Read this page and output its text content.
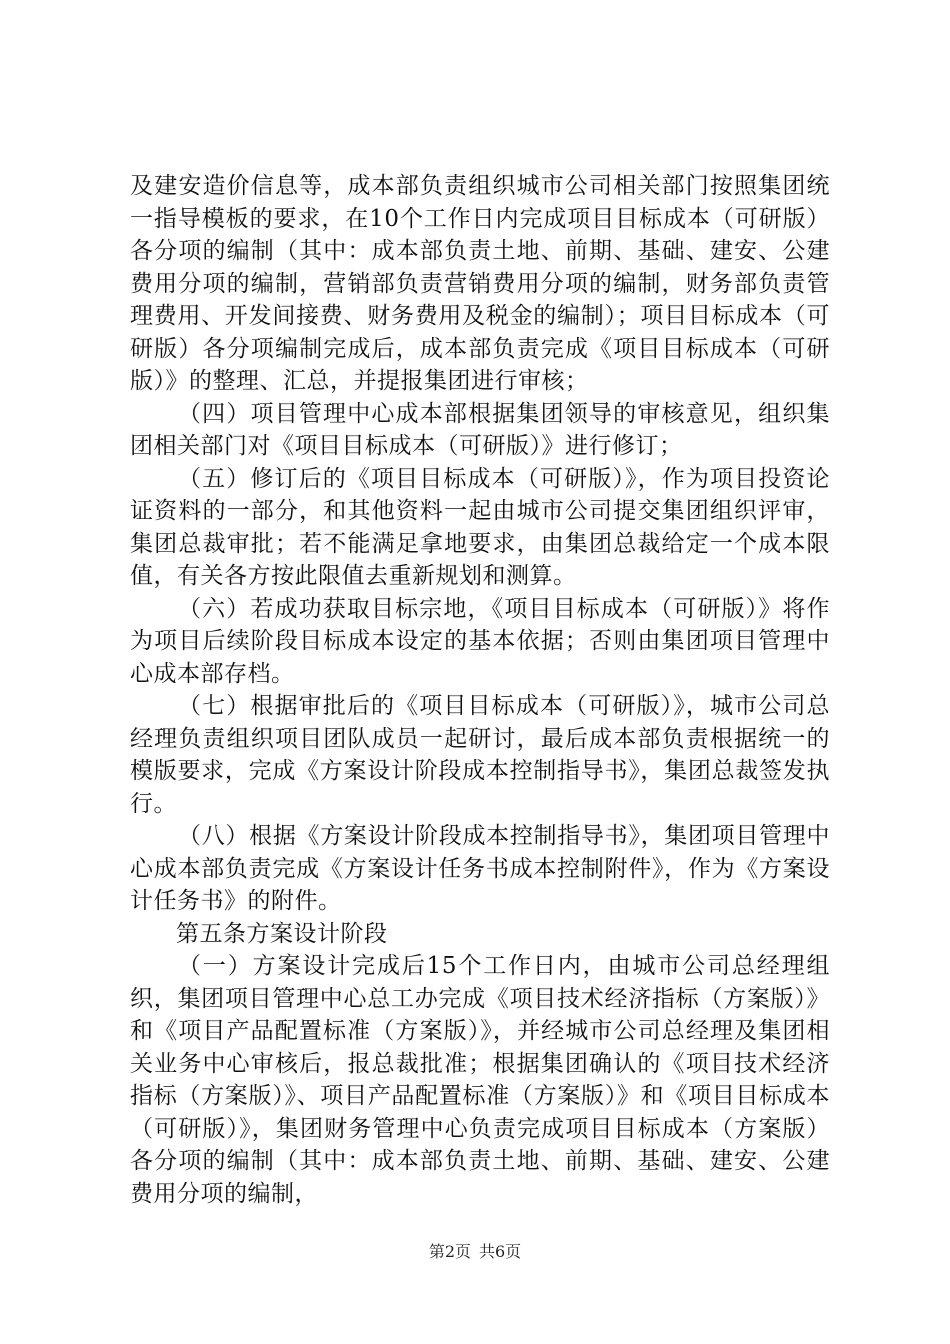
及建安造价信息等，成本部负责组织城市公司相关部门按照集团统一指导模板的要求，在10个工作日内完成项目目标成本（可研版）各分项的编制（其中：成本部负责土地、前期、基础、建安、公建费用分项的编制，营销部负责营销费用分项的编制，财务部负责管理费用、开发间接费、财务费用及税金的编制）；项目目标成本（可研版）各分项编制完成后，成本部负责完成《项目目标成本（可研版）》的整理、汇总，并提报集团进行审核；

（四）项目管理中心成本部根据集团领导的审核意见，组织集团相关部门对《项目目标成本（可研版）》进行修订；

（五）修订后的《项目目标成本（可研版）》，作为项目投资论证资料的一部分，和其他资料一起由城市公司提交集团组织评审，集团总裁审批；若不能满足拿地要求，由集团总裁给定一个成本限值，有关各方按此限值去重新规划和测算。

（六）若成功获取目标宗地，《项目目标成本（可研版）》将作为项目后续阶段目标成本设定的基本依据；否则由集团项目管理中心成本部存档。

（七）根据审批后的《项目目标成本（可研版）》，城市公司总经理负责组织项目团队成员一起研讨，最后成本部负责根据统一的模版要求，完成《方案设计阶段成本控制指导书》，集团总裁签发执行。

（八）根据《方案设计阶段成本控制指导书》，集团项目管理中心成本部负责完成《方案设计任务书成本控制附件》，作为《方案设计任务书》的附件。

第五条方案设计阶段

（一）方案设计完成后15个工作日内，由城市公司总经理组织，集团项目管理中心总工办完成《项目技术经济指标（方案版）》和《项目产品配置标准（方案版）》，并经城市公司总经理及集团相关业务中心审核后，报总裁批准；根据集团确认的《项目技术经济指标（方案版）》、项目产品配置标准（方案版）》和《项目目标成本（可研版）》，集团财务管理中心负责完成项目目标成本（方案版）各分项的编制（其中：成本部负责土地、前期、基础、建安、公建费用分项的编制，

第2页 共6页
